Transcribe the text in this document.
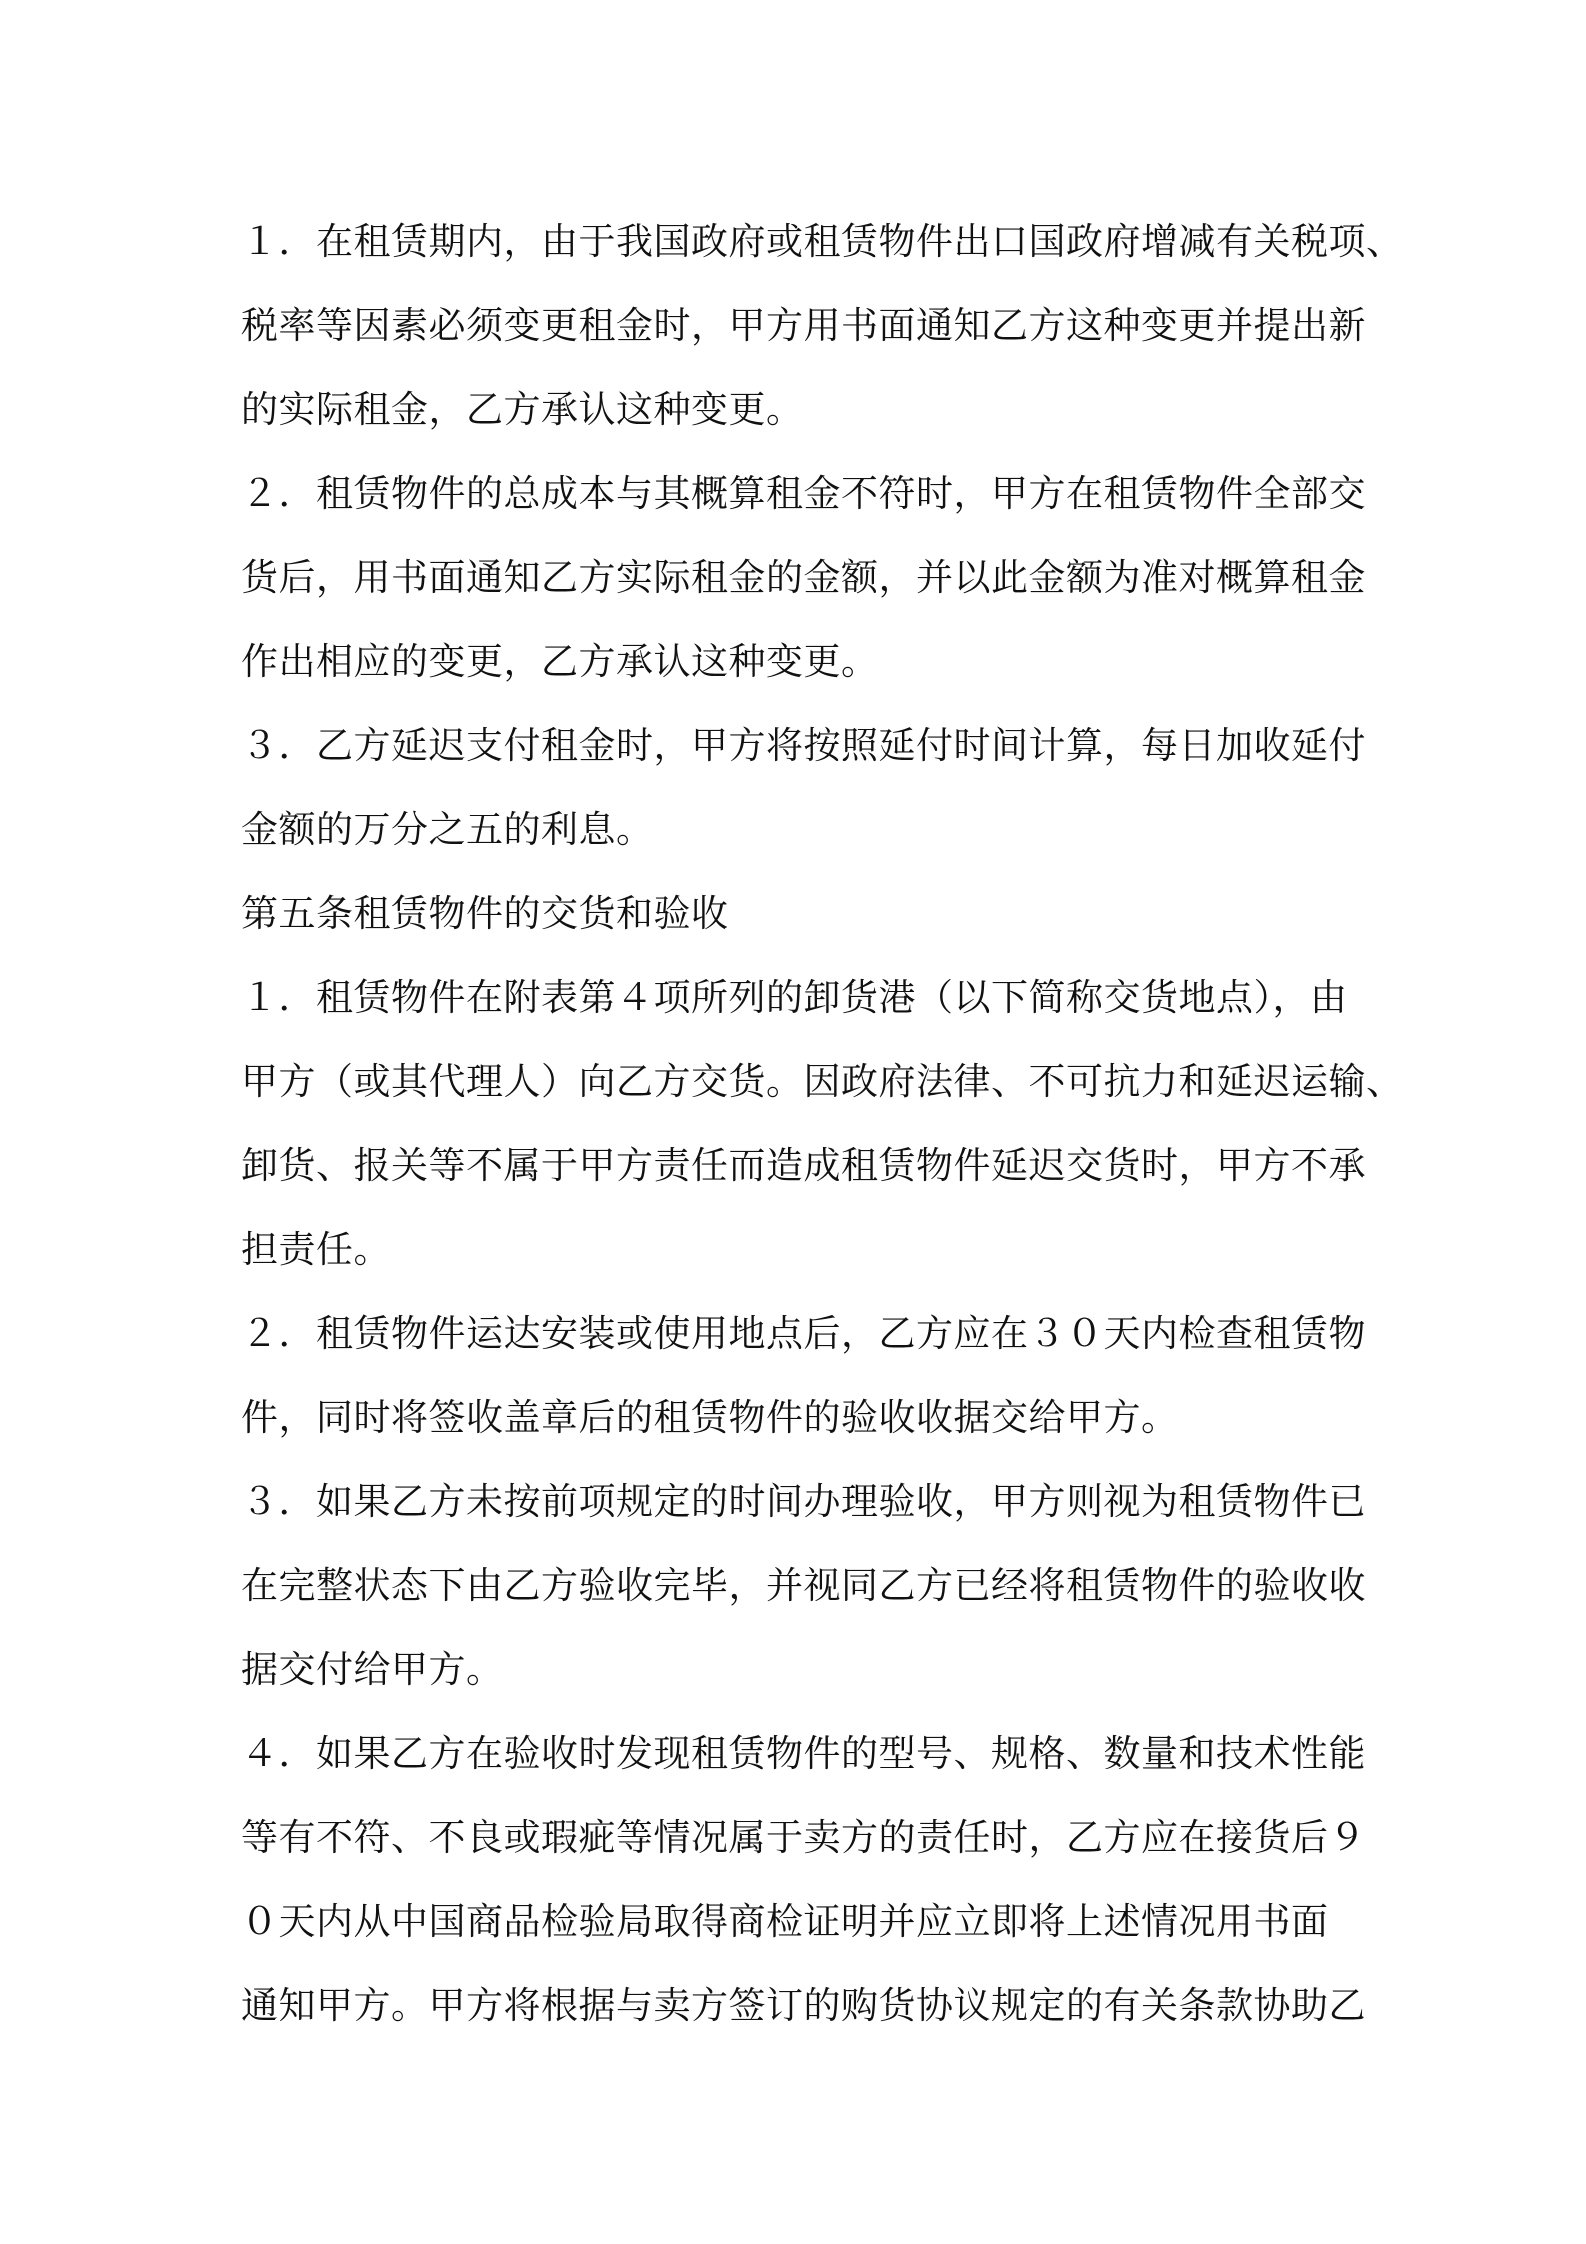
１．在租赁期内，由于我国政府或租赁物件出口国政府增减有关税项、
税率等因素必须变更租金时，甲方用书面通知乙方这种变更并提出新
的实际租金，乙方承认这种变更。
２．租赁物件的总成本与其概算租金不符时，甲方在租赁物件全部交
货后，用书面通知乙方实际租金的金额，并以此金额为准对概算租金
作出相应的变更，乙方承认这种变更。
３．乙方延迟支付租金时，甲方将按照延付时间计算，每日加收延付
金额的万分之五的利息。
第五条租赁物件的交货和验收
１．租赁物件在附表第４项所列的卸货港（以下简称交货地点），由
甲方（或其代理人）向乙方交货。因政府法律、不可抗力和延迟运输、
卸货、报关等不属于甲方责任而造成租赁物件延迟交货时，甲方不承
担责任。
２．租赁物件运达安装或使用地点后，乙方应在３０天内检查租赁物
件，同时将签收盖章后的租赁物件的验收收据交给甲方。
３．如果乙方未按前项规定的时间办理验收，甲方则视为租赁物件已
在完整状态下由乙方验收完毕，并视同乙方已经将租赁物件的验收收
据交付给甲方。
４．如果乙方在验收时发现租赁物件的型号、规格、数量和技术性能
等有不符、不良或瑕疵等情况属于卖方的责任时，乙方应在接货后９
０天内从中国商品检验局取得商检证明并应立即将上述情况用书面
通知甲方。甲方将根据与卖方签订的购货协议规定的有关条款协助乙
